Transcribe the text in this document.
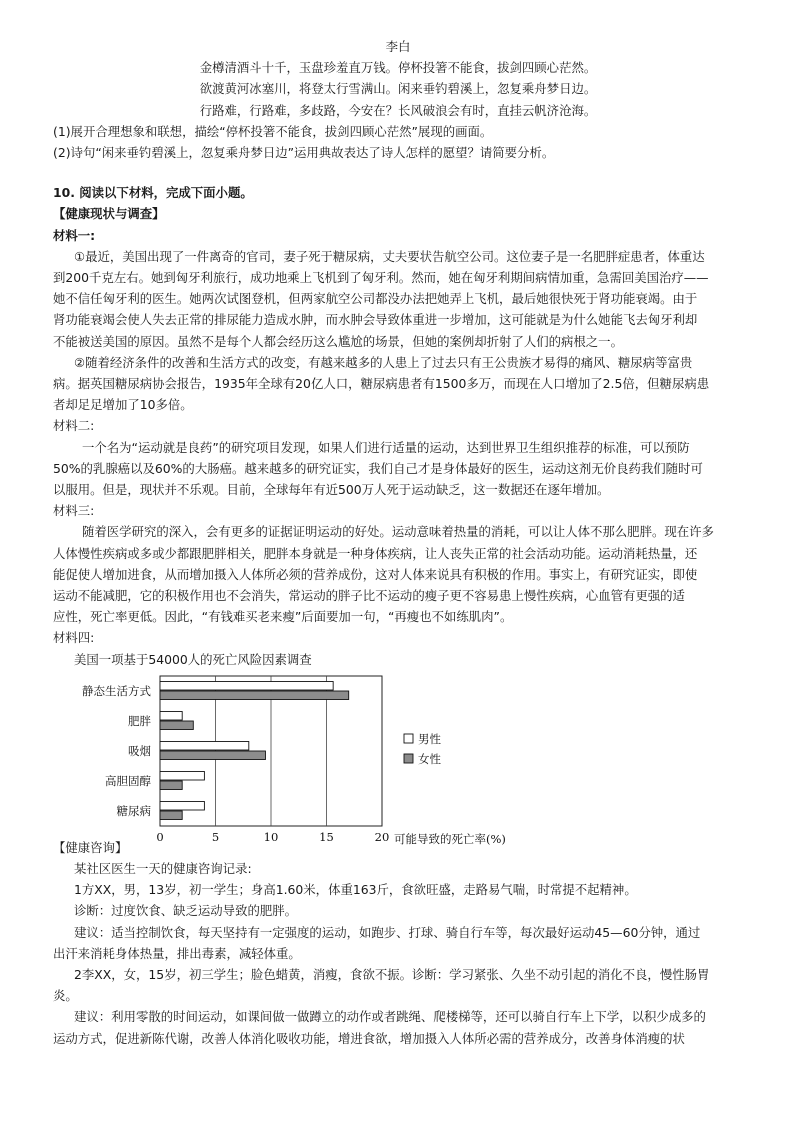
李白
金樽清酒斗十千，玉盘珍羞直万钱。停杯投箸不能食，拔剑四顾心茫然。
欲渡黄河冰塞川，将登太行雪满山。闲来垂钓碧溪上，忽复乘舟梦日边。
行路难，行路难，多歧路，今安在？长风破浪会有时，直挂云帆济沧海。
(1)展开合理想象和联想，描绘“停杯投箸不能食，拔剑四顾心茫然”展现的画面。
(2)诗句“闲来垂钓碧溪上，忽复乘舟梦日边”运用典故表达了诗人怎样的愿望？请简要分析。
10. 阅读以下材料，完成下面小题。
【健康现状与调查】
材料一:
①最近，美国出现了一件离奇的官司，妻子死于糖尿病，丈夫要状告航空公司。这位妻子是一名肥胖症患者，体重达
到200千克左右。她到匈牙利旅行，成功地乘上飞机到了匈牙利。然而，她在匈牙利期间病情加重，急需回美国治疗——
她不信任匈牙利的医生。她两次试图登机，但两家航空公司都没办法把她弄上飞机，最后她很快死于肾功能衰竭。由于
肾功能衰竭会使人失去正常的排尿能力造成水肿，而水肿会导致体重进一步增加，这可能就是为什么她能飞去匈牙利却
不能被送美国的原因。虽然不是每个人都会经历这么尴尬的场景，但她的案例却折射了人们的病根之一。
②随着经济条件的改善和生活方式的改变，有越来越多的人患上了过去只有王公贵族才易得的痛风、糖尿病等富贵
病。据英国糖尿病协会报告，1935年全球有20亿人口，糖尿病患者有1500多万，而现在人口增加了2.5倍，但糖尿病患
者却足足增加了10多倍。
材料二:
一个名为“运动就是良药”的研究项目发现，如果人们进行适量的运动，达到世界卫生组织推荐的标准，可以预防
50%的乳腺癌以及60%的大肠癌。越来越多的研究证实，我们自己才是身体最好的医生，运动这剂无价良药我们随时可
以服用。但是，现状并不乐观。目前，全球每年有近500万人死于运动缺乏，这一数据还在逐年增加。
材料三:
随着医学研究的深入，会有更多的证据证明运动的好处。运动意味着热量的消耗，可以让人体不那么肥胖。现在许多
人体慢性疾病或多或少都跟肥胖相关，肥胖本身就是一种身体疾病，让人丧失正常的社会活动功能。运动消耗热量，还
能促使人增加进食，从而增加摄入人体所必须的营养成份，这对人体来说具有积极的作用。事实上，有研究证实，即使
运动不能减肥，它的积极作用也不会消失，常运动的胖子比不运动的瘦子更不容易患上慢性疾病，心血管有更强的适
应性，死亡率更低。因此，“有钱难买老来瘦”后面要加一句，“再瘦也不如练肌肉”。
材料四:
美国一项基于54000人的死亡风险因素调查
0	5	10	15	20
静态生活方式
肥胖
吸烟
高胆固醇
糖尿病
可能导致的死亡率(%)
男性
女性
【健康咨询】
某社区医生一天的健康咨询记录:
1方XX，男，13岁，初一学生；身高1.60米，体重163斤，食欲旺盛，走路易气喘，时常提不起精神。
诊断：过度饮食、缺乏运动导致的肥胖。
建议：适当控制饮食，每天坚持有一定强度的运动，如跑步、打球、骑自行车等，每次最好运动45—60分钟，通过
出汗来消耗身体热量，排出毒素，减轻体重。
2李XX，女，15岁，初三学生；脸色蜡黄，消瘦，食欲不振。诊断：学习紧张、久坐不动引起的消化不良，慢性肠胃
炎。
建议：利用零散的时间运动，如课间做一做蹲立的动作或者跳绳、爬楼梯等，还可以骑自行车上下学，以积少成多的
运动方式，促进新陈代谢，改善人体消化吸收功能，增进食欲，增加摄入人体所必需的营养成分，改善身体消瘦的状
